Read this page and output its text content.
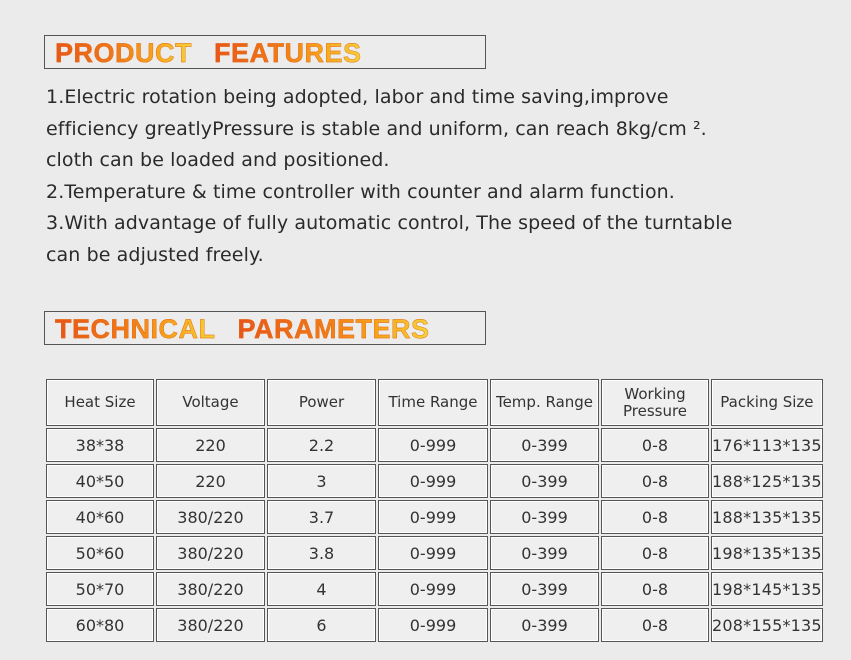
PRODUCT FEATURES
1.Electric rotation being adopted, labor and time saving,improve
efficiency greatlyPressure is stable and uniform, can reach 8kg/cm ².
cloth can be loaded and positioned.
2.Temperature & time controller with counter and alarm function.
3.With advantage of fully automatic control, The speed of the turntable
can be adjusted freely.
TECHNICAL PARAMETERS
Heat Size	Voltage	Power	Time Range	Temp. Range	Working Pressure	Packing Size
38*38	220	2.2	0-999	0-399	0-8	176*113*135
40*50	220	3	0-999	0-399	0-8	188*125*135
40*60	380/220	3.7	0-999	0-399	0-8	188*135*135
50*60	380/220	3.8	0-999	0-399	0-8	198*135*135
50*70	380/220	4	0-999	0-399	0-8	198*145*135
60*80	380/220	6	0-999	0-399	0-8	208*155*135
